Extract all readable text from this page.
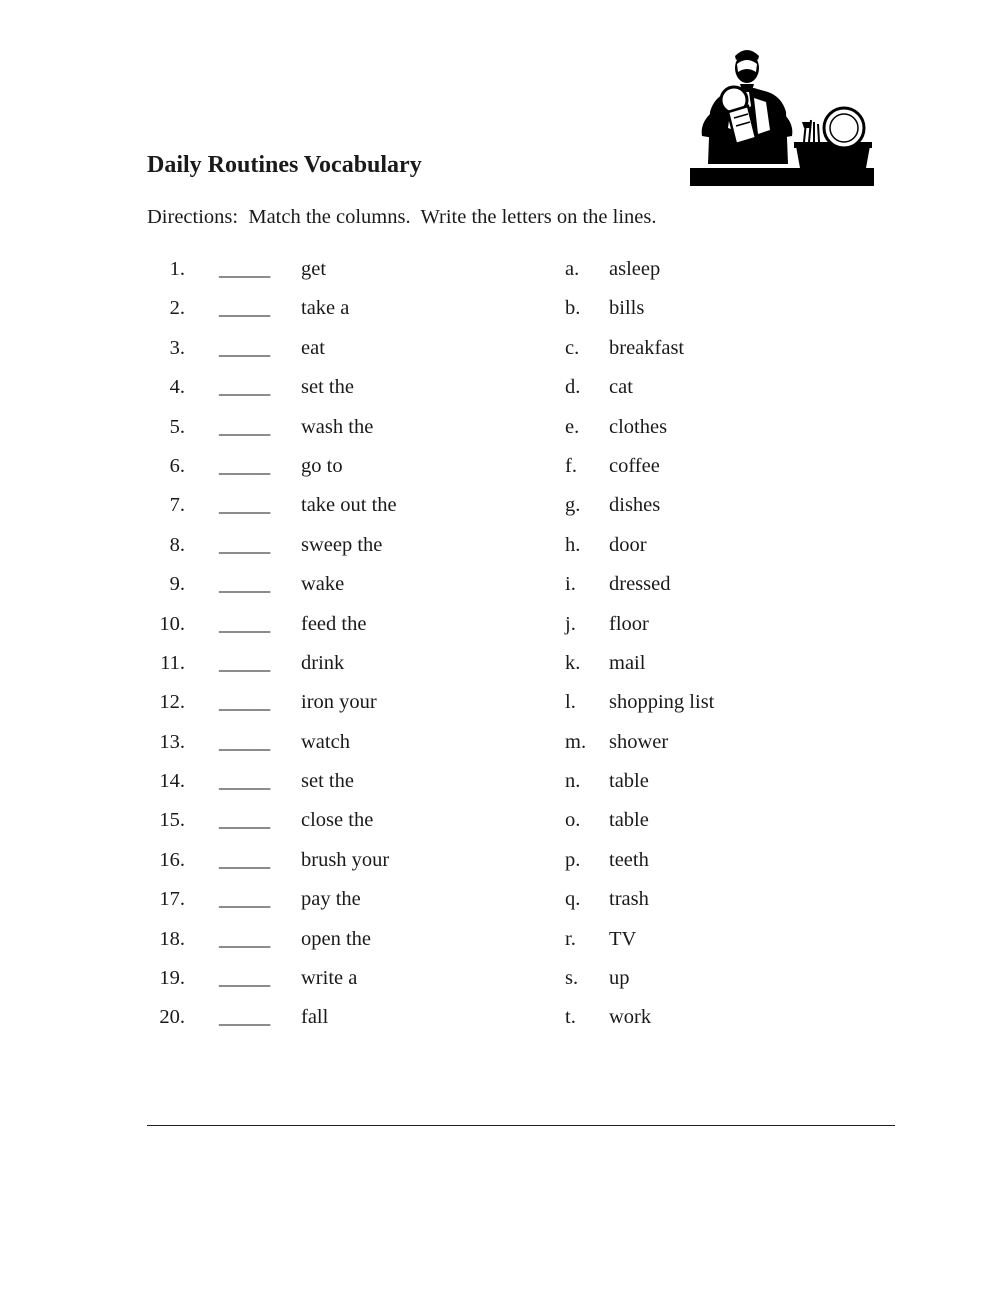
Daily Routines Vocabulary

Directions:  Match the columns.  Write the letters on the lines.

1. _____ get	a. asleep
2. _____ take a	b. bills
3. _____ eat	c. breakfast
4. _____ set the	d. cat
5. _____ wash the	e. clothes
6. _____ go to	f. coffee
7. _____ take out the	g. dishes
8. _____ sweep the	h. door
9. _____ wake	i. dressed
10. _____ feed the	j. floor
11. _____ drink	k. mail
12. _____ iron your	l. shopping list
13. _____ watch	m. shower
14. _____ set the	n. table
15. _____ close the	o. table
16. _____ brush your	p. teeth
17. _____ pay the	q. trash
18. _____ open the	r. TV
19. _____ write a	s. up
20. _____ fall	t. work
